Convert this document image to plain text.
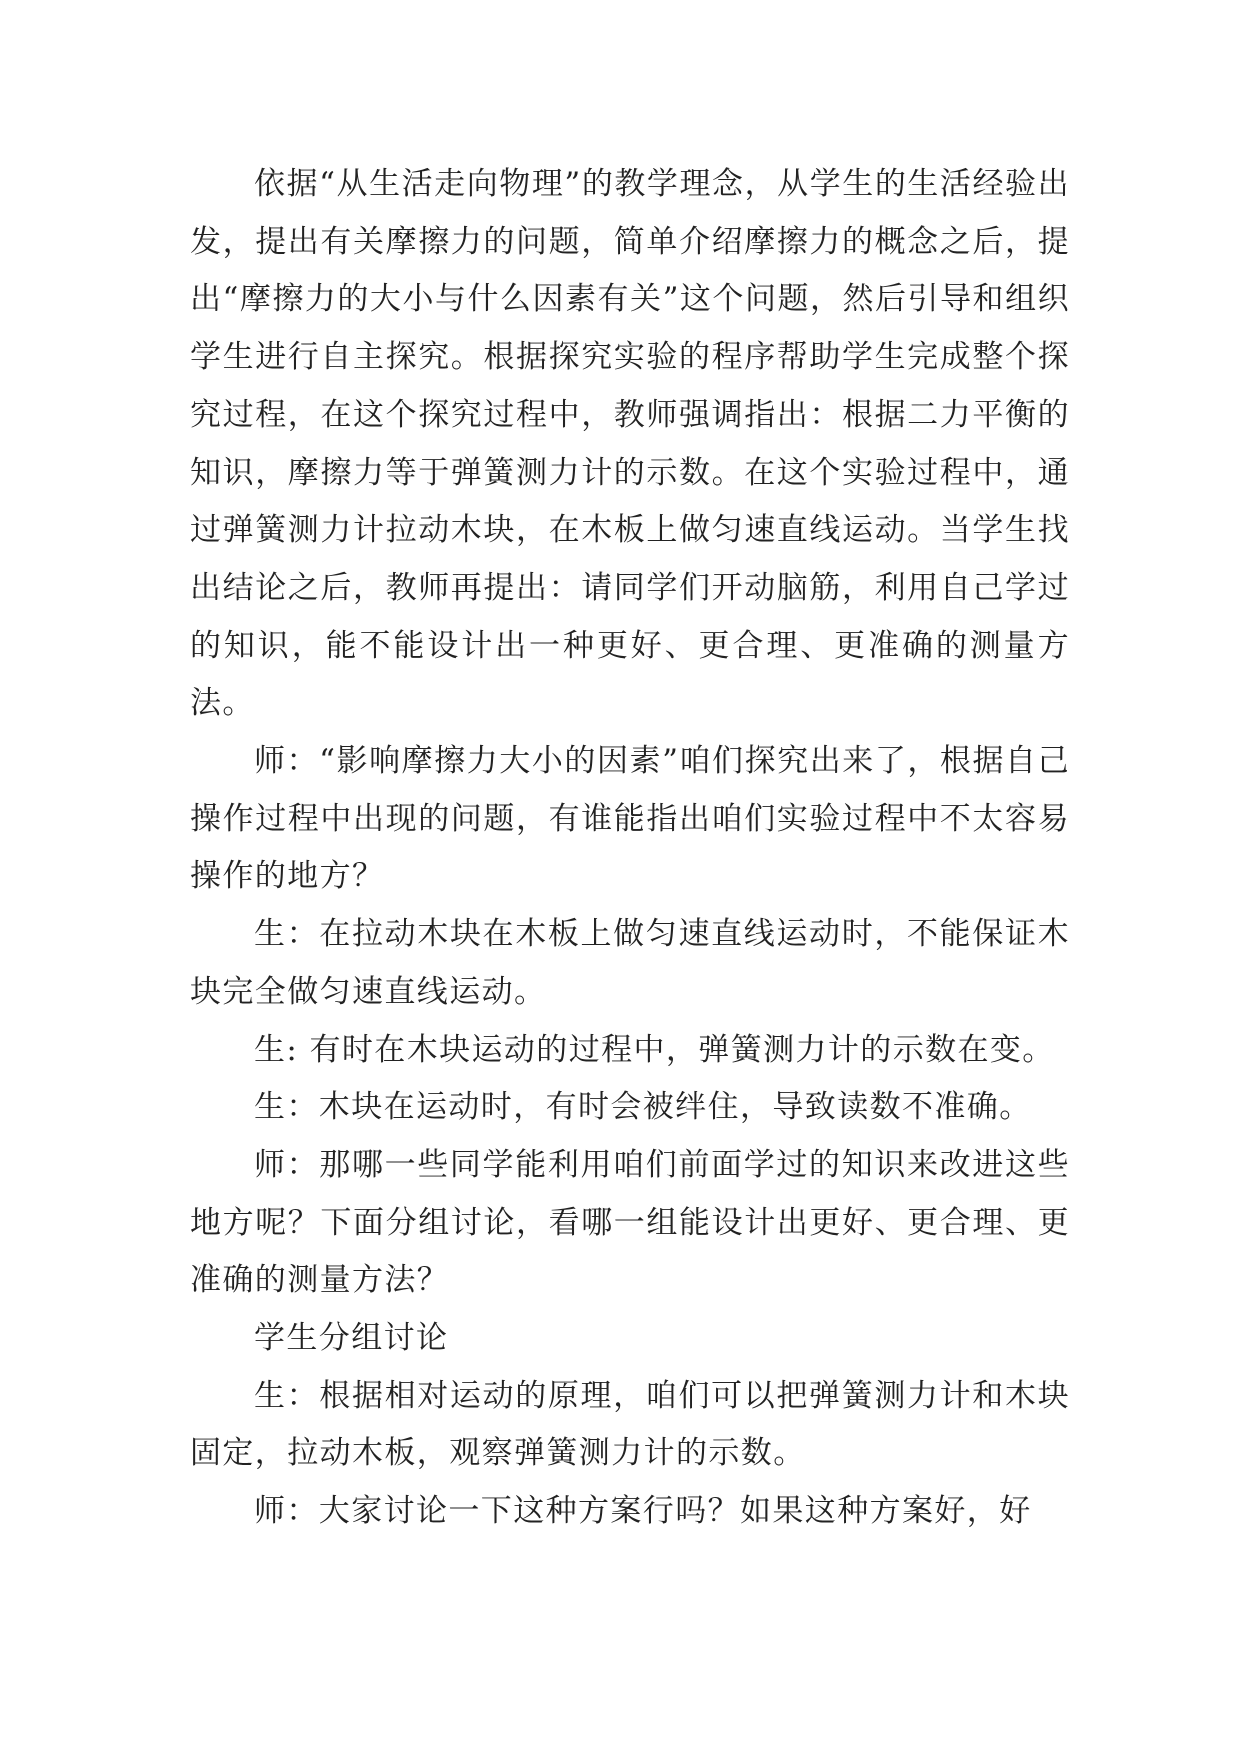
依据“从生活走向物理”的教学理念，从学生的生活经验出发，提出有关摩擦力的问题，简单介绍摩擦力的概念之后，提出“摩擦力的大小与什么因素有关”这个问题，然后引导和组织学生进行自主探究。根据探究实验的程序帮助学生完成整个探究过程，在这个探究过程中，教师强调指出：根据二力平衡的知识，摩擦力等于弹簧测力计的示数。在这个实验过程中，通过弹簧测力计拉动木块，在木板上做匀速直线运动。当学生找出结论之后，教师再提出：请同学们开动脑筋，利用自己学过的知识，能不能设计出一种更好、更合理、更准确的测量方法。

师：“影响摩擦力大小的因素”咱们探究出来了，根据自己操作过程中出现的问题，有谁能指出咱们实验过程中不太容易操作的地方？

生：在拉动木块在木板上做匀速直线运动时，不能保证木块完全做匀速直线运动。

生: 有时在木块运动的过程中，弹簧测力计的示数在变。

生：木块在运动时，有时会被绊住，导致读数不准确。

师：那哪一些同学能利用咱们前面学过的知识来改进这些地方呢？下面分组讨论，看哪一组能设计出更好、更合理、更准确的测量方法？

学生分组讨论

生：根据相对运动的原理，咱们可以把弹簧测力计和木块固定，拉动木板，观察弹簧测力计的示数。

师：大家讨论一下这种方案行吗？如果这种方案好，好
